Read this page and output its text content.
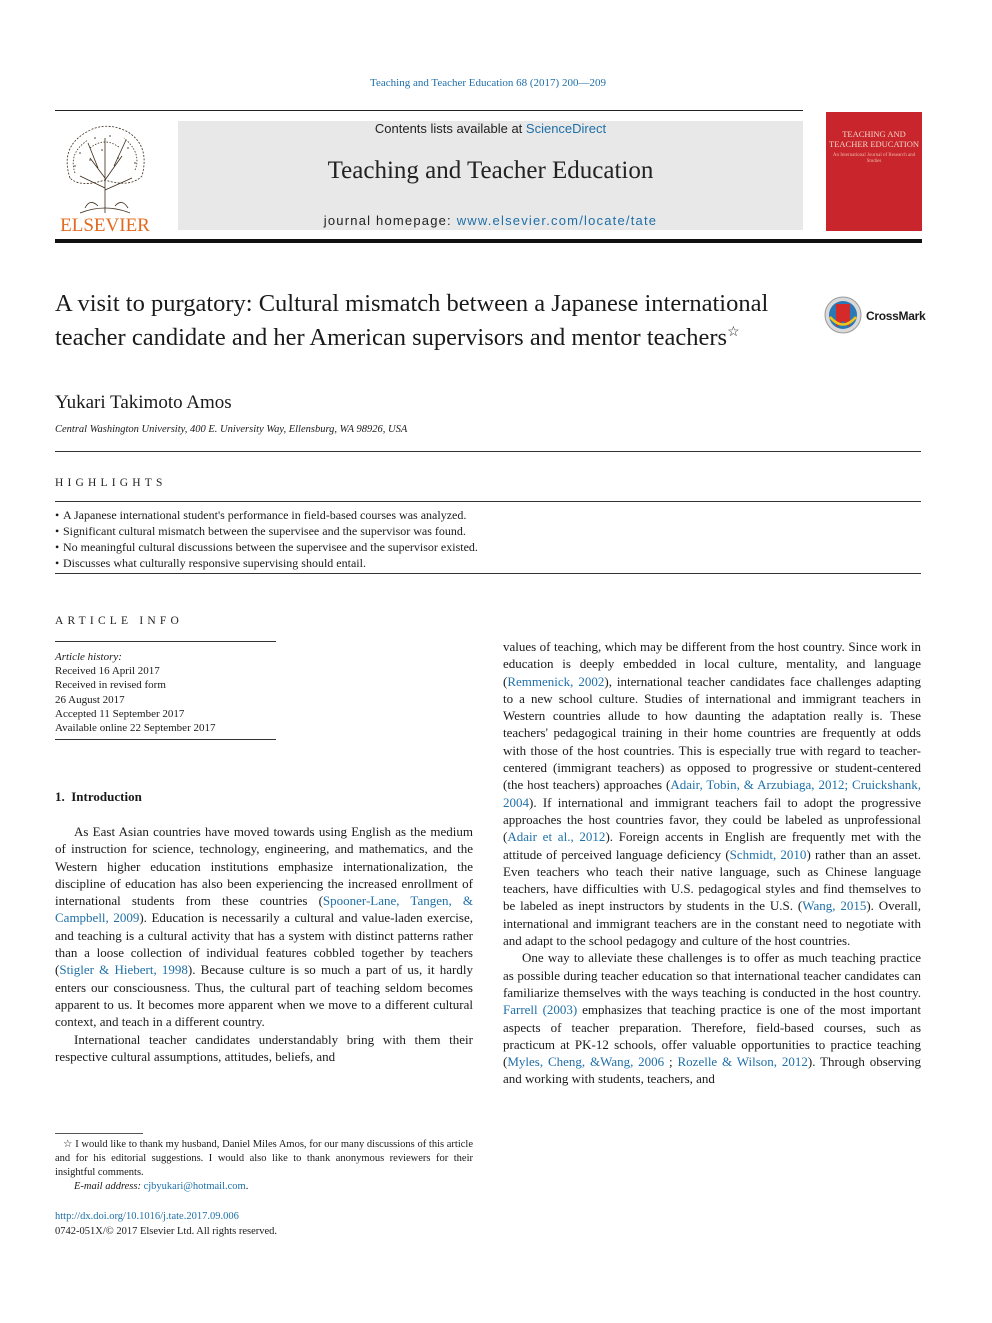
Teaching and Teacher Education 68 (2017) 200—209
ELSEVIER
Contents lists available at ScienceDirect
Teaching and Teacher Education
journal homepage: www.elsevier.com/locate/tate
TEACHING AND TEACHER EDUCATION
An International Journal of Research and Studies
A visit to purgatory: Cultural mismatch between a Japanese international teacher candidate and her American supervisors and mentor teachers☆
CrossMark
Yukari Takimoto Amos
Central Washington University, 400 E. University Way, Ellensburg, WA 98926, USA
HIGHLIGHTS
• A Japanese international student's performance in field-based courses was analyzed.
• Significant cultural mismatch between the supervisee and the supervisor was found.
• No meaningful cultural discussions between the supervisee and the supervisor existed.
• Discusses what culturally responsive supervising should entail.
ARTICLE INFO
Article history:
Received 16 April 2017
Received in revised form
26 August 2017
Accepted 11 September 2017
Available online 22 September 2017
1. Introduction

As East Asian countries have moved towards using English as the medium of instruction for science, technology, engineering, and mathematics, and the Western higher education institutions emphasize internationalization, the discipline of education has also been experiencing the increased enrollment of international students from these countries (Spooner-Lane, Tangen, & Campbell, 2009). Education is necessarily a cultural and value-laden exercise, and teaching is a cultural activity that has a system with distinct patterns rather than a loose collection of individual features cobbled together by teachers (Stigler & Hiebert, 1998). Because culture is so much a part of us, it hardly enters our consciousness. Thus, the cultural part of teaching seldom becomes apparent to us. It becomes more apparent when we move to a different cultural context, and teach in a different country.

International teacher candidates understandably bring with them their respective cultural assumptions, attitudes, beliefs, and

☆ I would like to thank my husband, Daniel Miles Amos, for our many discussions of this article and for his editorial suggestions. I would also like to thank anonymous reviewers for their insightful comments.
E-mail address: cjbyukari@hotmail.com.
http://dx.doi.org/10.1016/j.tate.2017.09.006
0742-051X/© 2017 Elsevier Ltd. All rights reserved.

values of teaching, which may be different from the host country. Since work in education is deeply embedded in local culture, mentality, and language (Remmenick, 2002), international teacher candidates face challenges adapting to a new school culture. Studies of international and immigrant teachers in Western countries allude to how daunting the adaptation really is. These teachers' pedagogical training in their home countries are frequently at odds with those of the host countries. This is especially true with regard to teacher-centered (immigrant teachers) as opposed to progressive or student-centered (the host teachers) approaches (Adair, Tobin, & Arzubiaga, 2012; Cruickshank, 2004). If international and immigrant teachers fail to adopt the progressive approaches the host countries favor, they could be labeled as unprofessional (Adair et al., 2012). Foreign accents in English are frequently met with the attitude of perceived language deficiency (Schmidt, 2010) rather than an asset. Even teachers who teach their native language, such as Chinese language teachers, have difficulties with U.S. pedagogical styles and find themselves to be labeled as inept instructors by students in the U.S. (Wang, 2015). Overall, international and immigrant teachers are in the constant need to negotiate with and adapt to the school pedagogy and culture of the host countries.

One way to alleviate these challenges is to offer as much teaching practice as possible during teacher education so that international teacher candidates can familiarize themselves with the ways teaching is conducted in the host country. Farrell (2003) emphasizes that teaching practice is one of the most important aspects of teacher preparation. Therefore, field-based courses, such as practicum at PK-12 schools, offer valuable opportunities to practice teaching (Myles, Cheng, &Wang, 2006 ; Rozelle & Wilson, 2012). Through observing and working with students, teachers, and
